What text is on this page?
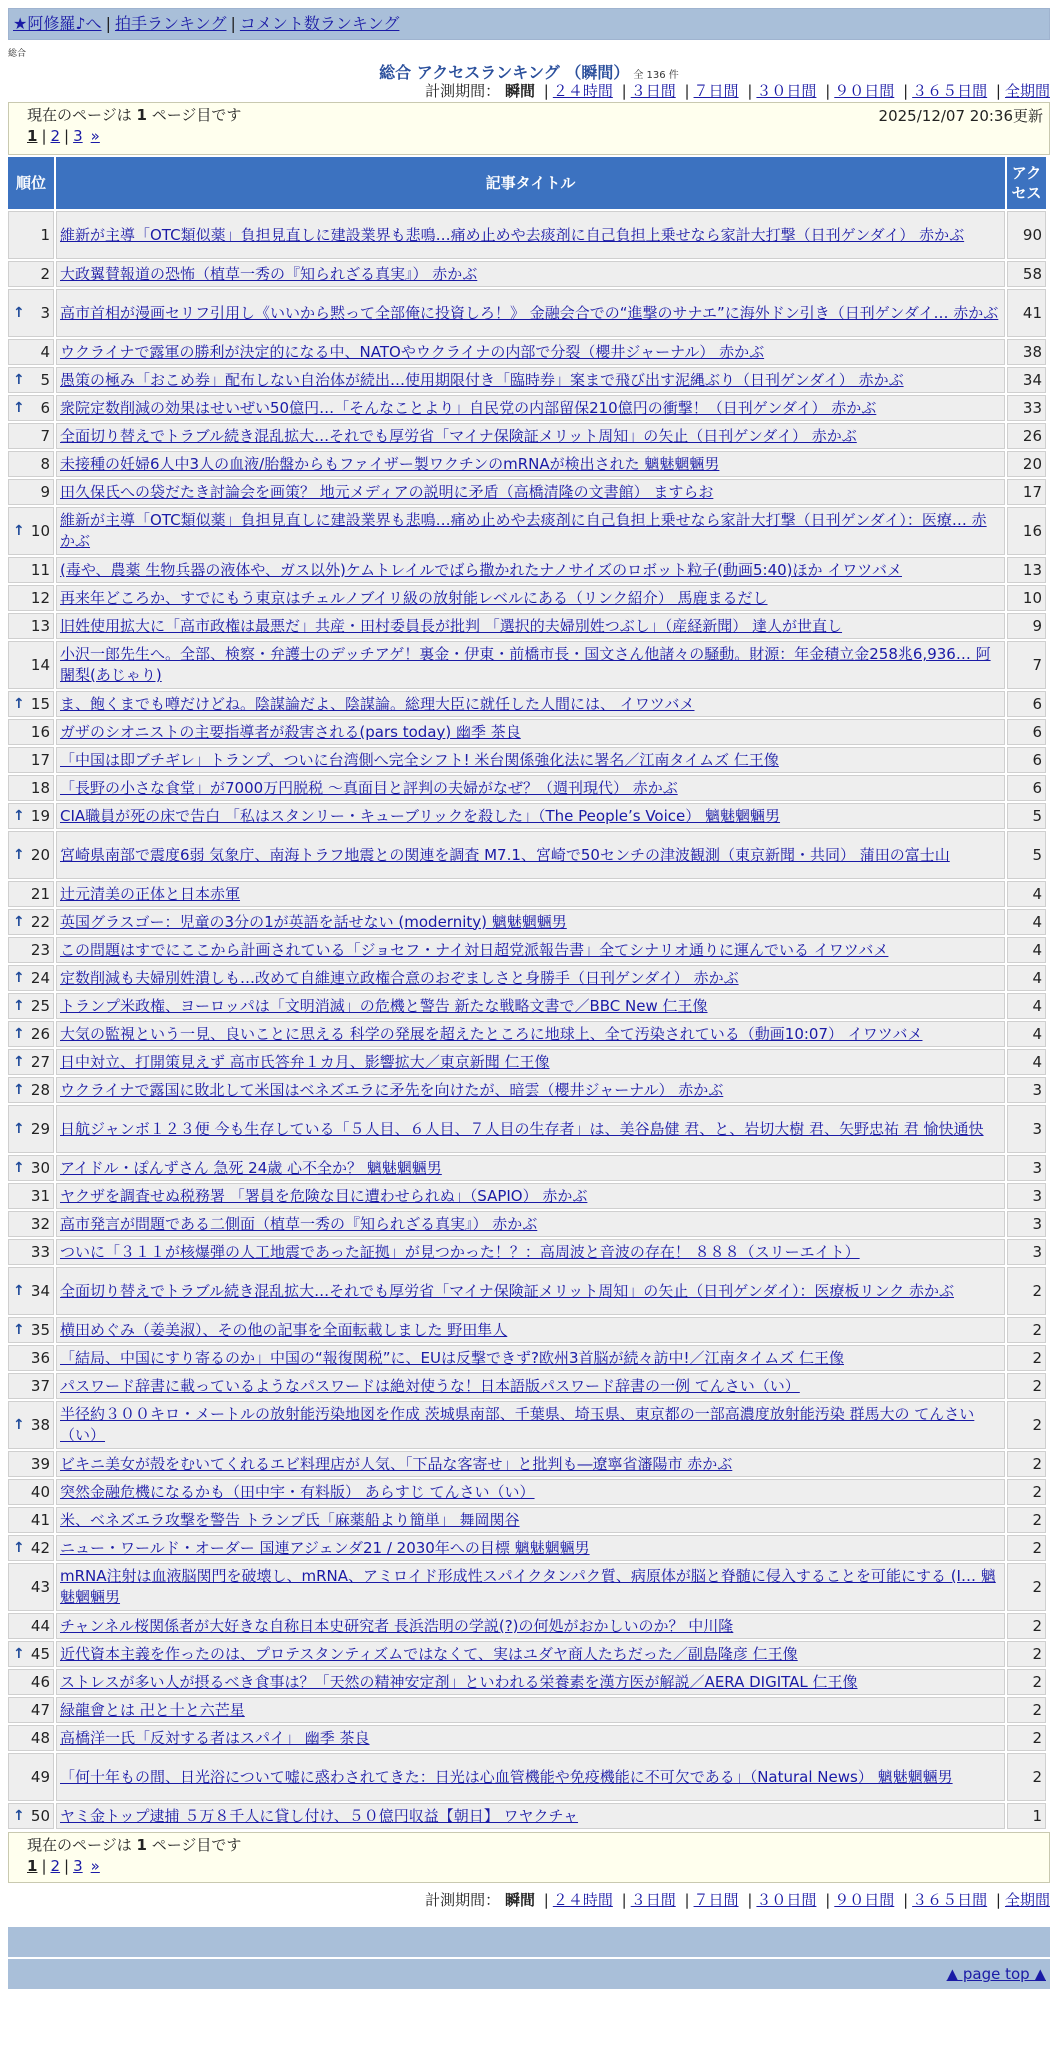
★阿修羅♪へ | 拍手ランキング | コメント数ランキング
総合
総合 アクセスランキング （瞬間） 全 136 件
計測期間： 瞬間 | ２４時間 | ３日間 | ７日間 | ３０日間 | ９０日間 | ３６５日間 | 全期間
現在のページは 1 ページ目です	2025/12/07 20:36更新
1 | 2 | 3 »
順位	記事タイトル	アクセス
1	維新が主導「OTC類似薬」負担見直しに建設業界も悲鳴…痛め止めや去痰剤に自己負担上乗せなら家計大打撃（日刊ゲンダイ） 赤かぶ	90
2	大政翼賛報道の恐怖（植草一秀の『知られざる真実』） 赤かぶ	58

↑ 3	高市首相が漫画セリフ引用し《いいから黙って全部俺に投資しろ！》 金融会合での“進撃のサナエ”に海外ドン引き（日刊ゲンダイ… 赤かぶ	41
4	ウクライナで露軍の勝利が決定的になる中、NATOやウクライナの内部で分裂（櫻井ジャーナル） 赤かぶ	38

↑ 5	愚策の極み「おこめ券」配布しない自治体が続出…使用期限付き「臨時券」案まで飛び出す泥縄ぶり（日刊ゲンダイ） 赤かぶ	34

↑ 6	衆院定数削減の効果はせいぜい50億円…「そんなことより」自民党の内部留保210億円の衝撃！（日刊ゲンダイ） 赤かぶ	33
7	全面切り替えでトラブル続き混乱拡大…それでも厚労省「マイナ保険証メリット周知」の矢止（日刊ゲンダイ） 赤かぶ	26
8	未接種の妊婦6人中3人の血液/胎盤からもファイザー製ワクチンのmRNAが検出された 魑魅魍魎男	20
9	田久保氏への袋だたき討論会を画策？ 地元メディアの説明に矛盾（高橋清隆の文書館） ますらお	17

↑ 10	維新が主導「OTC類似薬」負担見直しに建設業界も悲鳴…痛め止めや去痰剤に自己負担上乗せなら家計大打撃（日刊ゲンダイ）：医療… 赤かぶ	16
11	(毒や、農薬 生物兵器の液体や、ガス以外)ケムトレイルでばら撒かれたナノサイズのロボット粒子(動画5:40)ほか イワツバメ	13
12	再来年どころか、すでにもう東京はチェルノブイリ級の放射能レベルにある（リンク紹介） 馬鹿まるだし	10
13	旧姓使用拡大に「高市政権は最悪だ」共産・田村委員長が批判 「選択的夫婦別姓つぶし」（産経新聞） 達人が世直し	9
14	小沢一郎先生へ。全部、検察・弁護士のデッチアゲ！裏金・伊東・前橋市長・国文さん他諸々の騒動。財源：年金積立金258兆6,936… 阿闍梨(あじゃり)	7

↑ 15	ま、飽くまでも噂だけどね。陰謀論だよ、陰謀論。総理大臣に就任した人間には、 イワツバメ	6
16	ガザのシオニストの主要指導者が殺害される(pars today) 幽季 茶良	6
17	「中国は即ブチギレ」トランプ、ついに台湾側へ完全シフト! 米台関係強化法に署名／江南タイムズ 仁王像	6
18	「長野の小さな食堂」が7000万円脱税 ～真面目と評判の夫婦がなぜ？（週刊現代） 赤かぶ	6

↑ 19	CIA職員が死の床で告白 「私はスタンリー・キューブリックを殺した」（The People’s Voice） 魑魅魍魎男	5

↑ 20	宮崎県南部で震度6弱 気象庁、南海トラフ地震との関連を調査 M7.1、宮崎で50センチの津波観測（東京新聞・共同） 蒲田の富士山	5
21	辻元清美の正体と日本赤軍	4

↑ 22	英国グラスゴー：児童の3分の1が英語を話せない (modernity) 魑魅魍魎男	4
23	この問題はすでにここから計画されている「ジョセフ・ナイ対日超党派報告書」全てシナリオ通りに運んでいる イワツバメ	4

↑ 24	定数削減も夫婦別姓潰しも…改めて自維連立政権合意のおぞましさと身勝手（日刊ゲンダイ） 赤かぶ	4

↑ 25	トランプ米政権、ヨーロッパは「文明消滅」の危機と警告 新たな戦略文書で／BBC New 仁王像	4

↑ 26	大気の監視という一見、良いことに思える 科学の発展を超えたところに地球上、全て汚染されている（動画10:07） イワツバメ	4

↑ 27	日中対立、打開策見えず 高市氏答弁１カ月、影響拡大／東京新聞 仁王像	4

↑ 28	ウクライナで露国に敗北して米国はベネズエラに矛先を向けたが、暗雲（櫻井ジャーナル） 赤かぶ	3

↑ 29	日航ジャンボ１２３便 今も生存している「５人目、６人目、７人目の生存者」は、美谷島健 君、と、岩切大樹 君、矢野忠祐 君 愉快通快	3

↑ 30	アイドル・ぽんずさん 急死 24歳 心不全か？ 魑魅魍魎男	3
31	ヤクザを調査せぬ税務署 「署員を危険な目に遭わせられぬ」（SAPIO） 赤かぶ	3
32	高市発言が問題である二側面（植草一秀の『知られざる真実』） 赤かぶ	3
33	ついに「３１１が核爆弾の人工地震であった証拠」が見つかった！？：高周波と音波の存在！ ８８８（スリーエイト）	3

↑ 34	全面切り替えでトラブル続き混乱拡大…それでも厚労省「マイナ保険証メリット周知」の矢止（日刊ゲンダイ）：医療板リンク 赤かぶ	2

↑ 35	横田めぐみ（姜美淑）、その他の記事を全面転載しました 野田隼人	2
36	「結局、中国にすり寄るのか」中国の“報復関税”に、EUは反撃できず?欧州3首脳が続々訪中!／江南タイムズ 仁王像	2
37	パスワード辞書に載っているようなパスワードは絶対使うな！日本語版パスワード辞書の一例 てんさい（い）	2

↑ 38	半径約３００キロ・メートルの放射能汚染地図を作成 茨城県南部、千葉県、埼玉県、東京都の一部高濃度放射能汚染 群馬大の てんさい（い）	2
39	ビキニ美女が殻をむいてくれるエビ料理店が人気、「下品な客寄せ」と批判も―遼寧省瀋陽市 赤かぶ	2
40	突然金融危機になるかも（田中宇・有料版） あらすじ てんさい（い）	2
41	米、ベネズエラ攻撃を警告 トランプ氏「麻薬船より簡単」 舞岡関谷	2

↑ 42	ニュー・ワールド・オーダー 国連アジェンダ21 / 2030年への目標 魑魅魍魎男	2
43	mRNA注射は血液脳関門を破壊し、mRNA、アミロイド形成性スパイクタンパク質、病原体が脳と脊髄に侵入することを可能にする (I… 魑魅魍魎男	2
44	チャンネル桜関係者が大好きな自称日本史研究者 長浜浩明の学説(?)の何処がおかしいのか？ 中川隆	2

↑ 45	近代資本主義を作ったのは、プロテスタンティズムではなくて、実はユダヤ商人たちだった／副島隆彦 仁王像	2
46	ストレスが多い人が摂るべき食事は？「天然の精神安定剤」といわれる栄養素を漢方医が解説／AERA DIGITAL 仁王像	2
47	緑龍會とは 卍と十と六芒星	2
48	高橋洋一氏「反対する者はスパイ」 幽季 茶良	2
49	「何十年もの間、日光浴について嘘に惑わされてきた：日光は心血管機能や免疫機能に不可欠である」（Natural News） 魑魅魍魎男	2

↑ 50	ヤミ金トップ逮捕 ５万８千人に貸し付け、５０億円収益【朝日】 ワヤクチャ	1
現在のページは 1 ページ目です
1 | 2 | 3 »
計測期間： 瞬間 | ２４時間 | ３日間 | ７日間 | ３０日間 | ９０日間 | ３６５日間 | 全期間
▲ page top ▲
